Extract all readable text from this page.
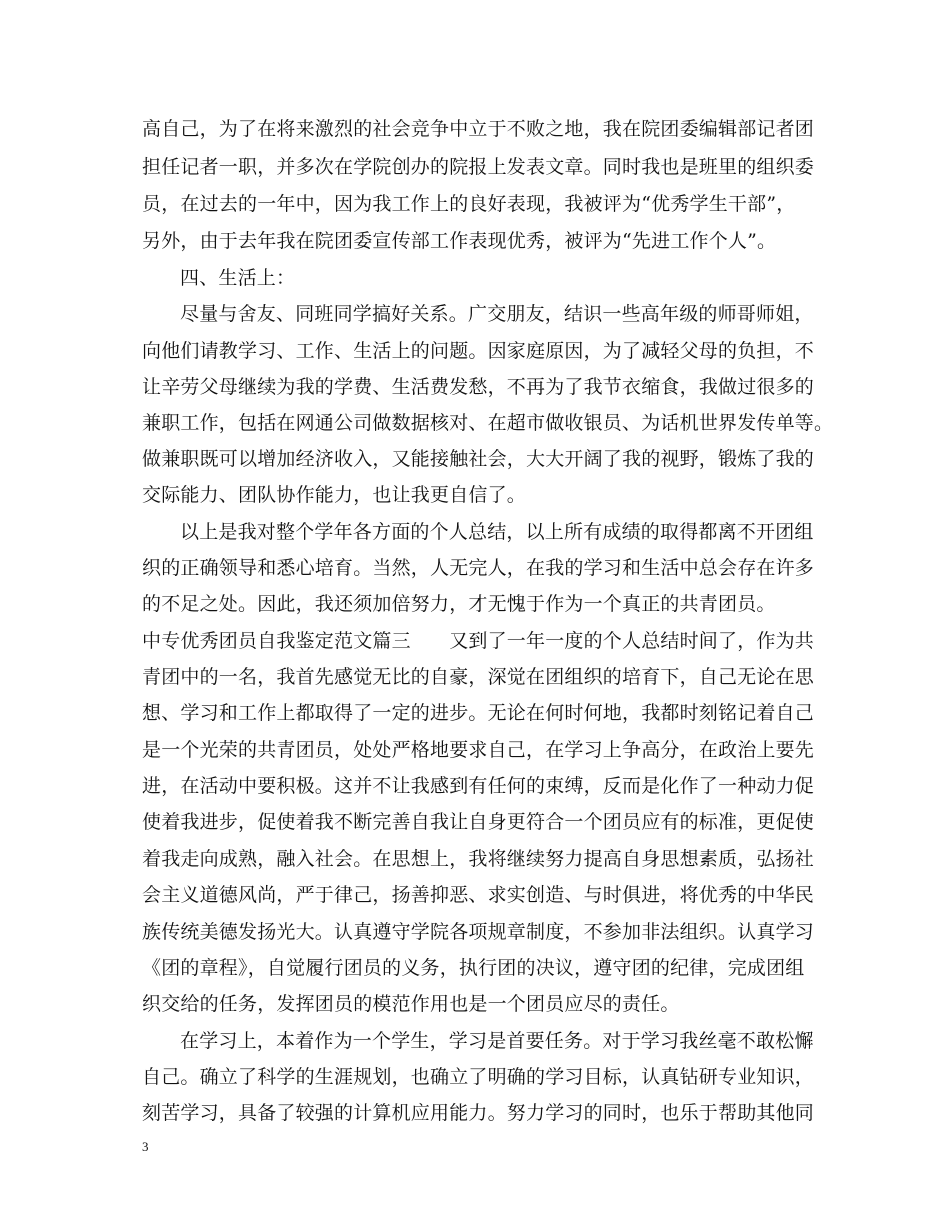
高自己，为了在将来激烈的社会竞争中立于不败之地，我在院团委编辑部记者团
担任记者一职，并多次在学院创办的院报上发表文章。同时我也是班里的组织委
员，在过去的一年中，因为我工作上的良好表现，我被评为“优秀学生干部”，
另外，由于去年我在院团委宣传部工作表现优秀，被评为“先进工作个人”。
四、生活上：
尽量与舍友、同班同学搞好关系。广交朋友，结识一些高年级的师哥师姐，
向他们请教学习、工作、生活上的问题。因家庭原因，为了减轻父母的负担，不
让辛劳父母继续为我的学费、生活费发愁，不再为了我节衣缩食，我做过很多的
兼职工作，包括在网通公司做数据核对、在超市做收银员、为话机世界发传单等。
做兼职既可以增加经济收入，又能接触社会，大大开阔了我的视野，锻炼了我的
交际能力、团队协作能力，也让我更自信了。
以上是我对整个学年各方面的个人总结，以上所有成绩的取得都离不开团组
织的正确领导和悉心培育。当然，人无完人，在我的学习和生活中总会存在许多
的不足之处。因此，我还须加倍努力，才无愧于作为一个真正的共青团员。
中专优秀团员自我鉴定范文篇三　　又到了一年一度的个人总结时间了，作为共
青团中的一名，我首先感觉无比的自豪，深觉在团组织的培育下，自己无论在思
想、学习和工作上都取得了一定的进步。无论在何时何地，我都时刻铭记着自己
是一个光荣的共青团员，处处严格地要求自己，在学习上争高分，在政治上要先
进，在活动中要积极。这并不让我感到有任何的束缚，反而是化作了一种动力促
使着我进步，促使着我不断完善自我让自身更符合一个团员应有的标准，更促使
着我走向成熟，融入社会。在思想上，我将继续努力提高自身思想素质，弘扬社
会主义道德风尚，严于律己，扬善抑恶、求实创造、与时俱进，将优秀的中华民
族传统美德发扬光大。认真遵守学院各项规章制度，不参加非法组织。认真学习
《团的章程》，自觉履行团员的义务，执行团的决议，遵守团的纪律，完成团组
织交给的任务，发挥团员的模范作用也是一个团员应尽的责任。
在学习上，本着作为一个学生，学习是首要任务。对于学习我丝毫不敢松懈
自己。确立了科学的生涯规划，也确立了明确的学习目标，认真钻研专业知识，
刻苦学习，具备了较强的计算机应用能力。努力学习的同时，也乐于帮助其他同
3
